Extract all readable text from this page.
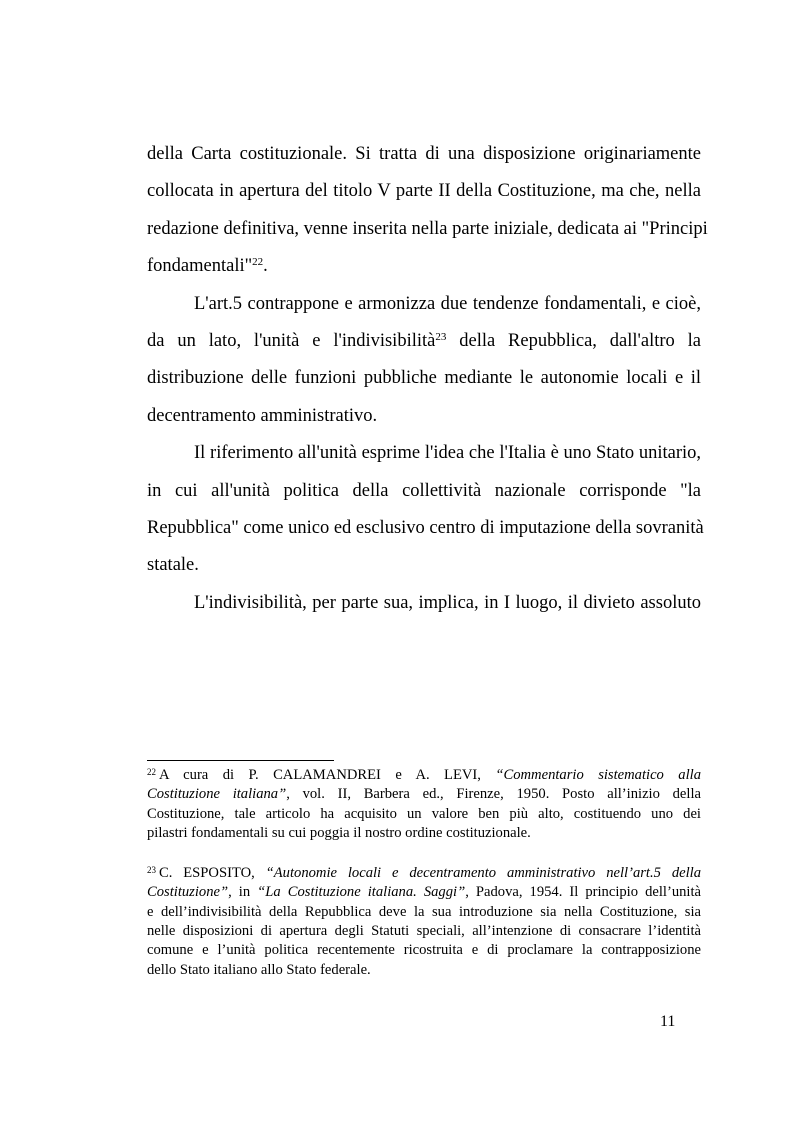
della Carta costituzionale. Si tratta di una disposizione originariamente
collocata in apertura del titolo V parte II della Costituzione, ma che, nella
redazione definitiva, venne inserita nella parte iniziale, dedicata ai "Principi
fondamentali"$^{22}$.
L'art.5 contrappone e armonizza due tendenze fondamentali, e cioè,
da un lato, l'unità e l'indivisibilità$^{23}$ della Repubblica, dall'altro la
distribuzione delle funzioni pubbliche mediante le autonomie locali e il
decentramento amministrativo.
Il riferimento all'unità esprime l'idea che l'Italia è uno Stato unitario,
in cui all'unità politica della collettività nazionale corrisponde "la
Repubblica" come unico ed esclusivo centro di imputazione della sovranità
statale.
L'indivisibilità, per parte sua, implica, in I luogo, il divieto assoluto
$^{22}$ A cura di P. CALAMANDREI e A. LEVI, “Commentario sistematico alla
Costituzione italiana”, vol. II, Barbera ed., Firenze, 1950. Posto all’inizio della
Costituzione, tale articolo ha acquisito un valore ben più alto, costituendo uno dei
pilastri fondamentali su cui poggia il nostro ordine costituzionale.
$^{23}$ C. ESPOSITO, “Autonomie locali e decentramento amministrativo nell’art.5 della
Costituzione”, in “La Costituzione italiana. Saggi”, Padova, 1954. Il principio dell’unità
e dell’indivisibilità della Repubblica deve la sua introduzione sia nella Costituzione, sia
nelle disposizioni di apertura degli Statuti speciali, all’intenzione di consacrare l’identità
comune e l’unità politica recentemente ricostruita e di proclamare la contrapposizione
dello Stato italiano allo Stato federale.
11
